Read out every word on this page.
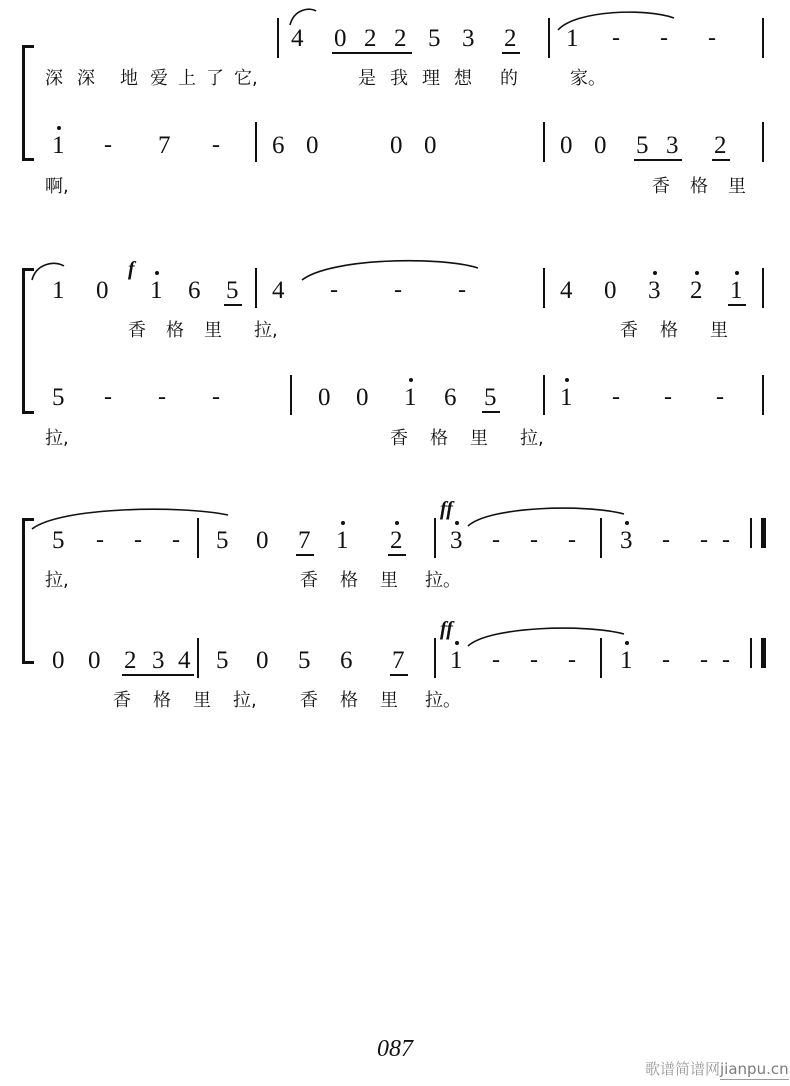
4 0 2 2 5 3 2 1 - - -
深 深 地 爱 上 了 它,	是 我 理 想 的	家。
1 - 7 - 6 0	0 0	0 0 5 3 2
啊,	香 格 里
1 0
f
1 6 5 4 - - -	4 0 3 2 1
香 格 里 拉,	香 格 里
5 - - -	0 0 1 6 5	1 - - -
拉,	香 格 里 拉,
ff
5 - - - 5 0 7 1 2 3 - - - 3 - - -
拉,	香 格 里 拉。
ff
0 0 2 3 4 5 0 5 6 7 1 - - - 1 - - -
香 格 里 拉, 香 格 里 拉。
087
歌谱简谱网jianpu.cn
